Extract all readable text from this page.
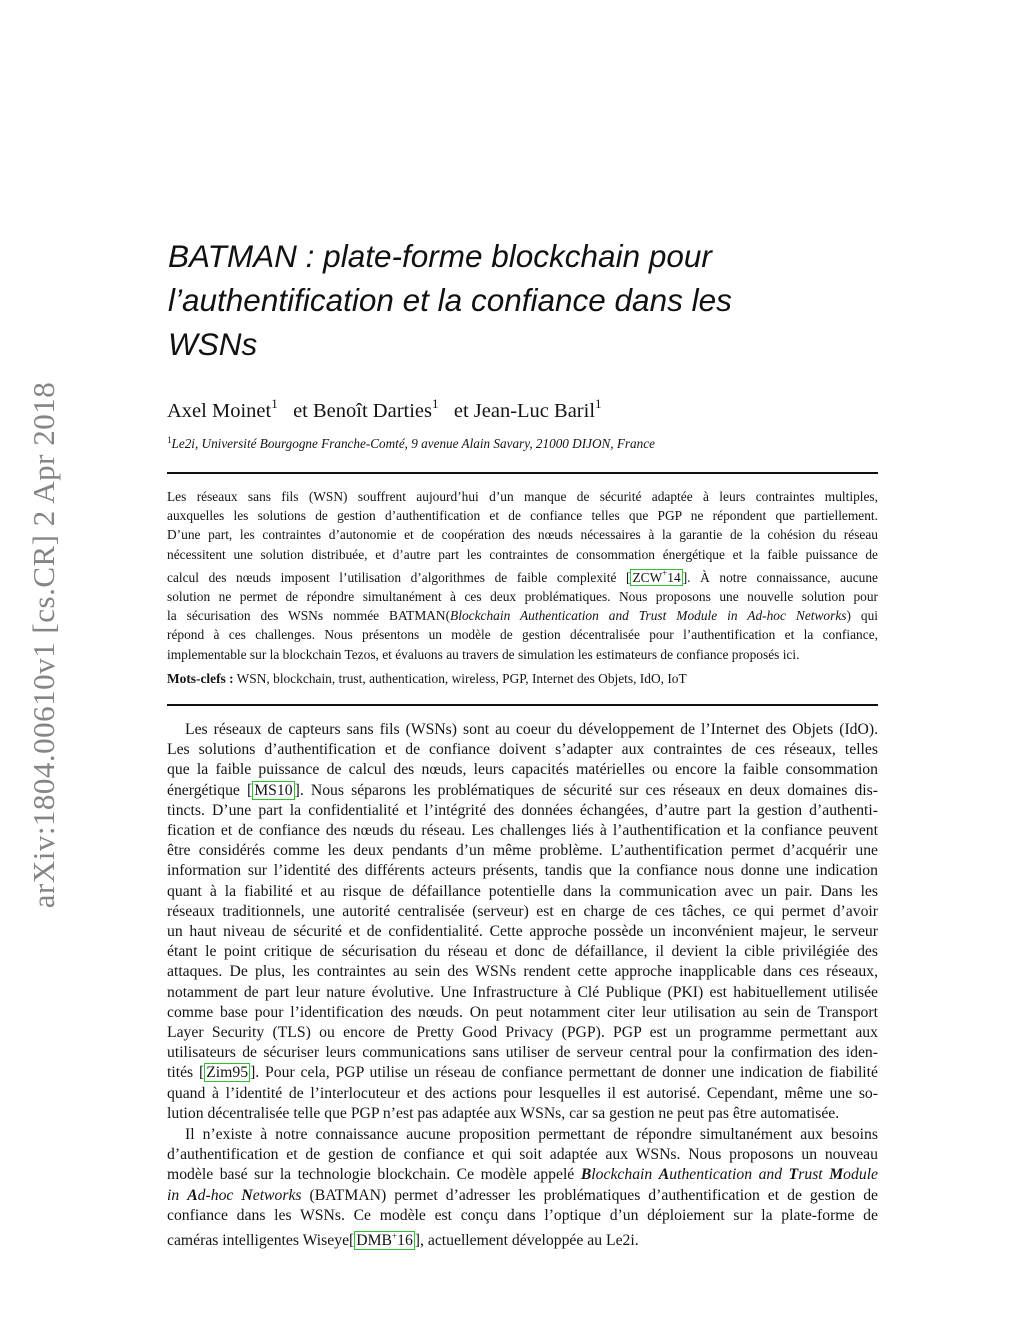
arXiv:1804.00610v1 [cs.CR] 2 Apr 2018
BATMAN : plate-forme blockchain pour
l’authentification et la confiance dans les
WSNs
Axel Moinet$^1$ et Benoît Darties$^1$ et Jean-Luc Baril$^1$
$^1$Le2i, Université Bourgogne Franche-Comté, 9 avenue Alain Savary, 21000 DIJON, France
Les réseaux sans fils (WSN) souffrent aujourd’hui d’un manque de sécurité adaptée à leurs contraintes multiples,
auxquelles les solutions de gestion d’authentification et de confiance telles que PGP ne répondent que partiellement.
D’une part, les contraintes d’autonomie et de coopération des nœuds nécessaires à la garantie de la cohésion du réseau
nécessitent une solution distribuée, et d’autre part les contraintes de consommation énergétique et la faible puissance de
calcul des nœuds imposent l’utilisation d’algorithmes de faible complexité [ ZCW+14 ]. À notre connaissance, aucune
solution ne permet de répondre simultanément à ces deux problématiques. Nous proposons une nouvelle solution pour
la sécurisation des WSNs nommée BATMAN(Blockchain Authentication and Trust Module in Ad-hoc Networks) qui
répond à ces challenges. Nous présentons un modèle de gestion décentralisée pour l’authentification et la confiance,
implementable sur la blockchain Tezos, et évaluons au travers de simulation les estimateurs de confiance proposés ici.
Mots-clefs : WSN, blockchain, trust, authentication, wireless, PGP, Internet des Objets, IdO, IoT
Les réseaux de capteurs sans fils (WSNs) sont au coeur du développement de l’Internet des Objets (IdO).
Les solutions d’authentification et de confiance doivent s’adapter aux contraintes de ces réseaux, telles
que la faible puissance de calcul des nœuds, leurs capacités matérielles ou encore la faible consommation
énergétique [ MS10 ]. Nous séparons les problématiques de sécurité sur ces réseaux en deux domaines dis-
tincts. D’une part la confidentialité et l’intégrité des données échangées, d’autre part la gestion d’authenti-
fication et de confiance des nœuds du réseau. Les challenges liés à l’authentification et la confiance peuvent
être considérés comme les deux pendants d’un même problème. L’authentification permet d’acquérir une
information sur l’identité des différents acteurs présents, tandis que la confiance nous donne une indication
quant à la fiabilité et au risque de défaillance potentielle dans la communication avec un pair. Dans les
réseaux traditionnels, une autorité centralisée (serveur) est en charge de ces tâches, ce qui permet d’avoir
un haut niveau de sécurité et de confidentialité. Cette approche possède un inconvénient majeur, le serveur
étant le point critique de sécurisation du réseau et donc de défaillance, il devient la cible privilégiée des
attaques. De plus, les contraintes au sein des WSNs rendent cette approche inapplicable dans ces réseaux,
notamment de part leur nature évolutive. Une Infrastructure à Clé Publique (PKI) est habituellement utilisée
comme base pour l’identification des nœuds. On peut notamment citer leur utilisation au sein de Transport
Layer Security (TLS) ou encore de Pretty Good Privacy (PGP). PGP est un programme permettant aux
utilisateurs de sécuriser leurs communications sans utiliser de serveur central pour la confirmation des iden-
tités [ Zim95 ]. Pour cela, PGP utilise un réseau de confiance permettant de donner une indication de fiabilité
quand à l’identité de l’interlocuteur et des actions pour lesquelles il est autorisé. Cependant, même une so-
lution décentralisée telle que PGP n’est pas adaptée aux WSNs, car sa gestion ne peut pas être automatisée.
Il n’existe à notre connaissance aucune proposition permettant de répondre simultanément aux besoins
d’authentification et de gestion de confiance et qui soit adaptée aux WSNs. Nous proposons un nouveau
modèle basé sur la technologie blockchain. Ce modèle appelé Blockchain Authentication and Trust Module
in Ad-hoc Networks (BATMAN) permet d’adresser les problématiques d’authentification et de gestion de
confiance dans les WSNs. Ce modèle est conçu dans l’optique d’un déploiement sur la plate-forme de
caméras intelligentes Wiseye[ DMB+16 ], actuellement développée au Le2i.
